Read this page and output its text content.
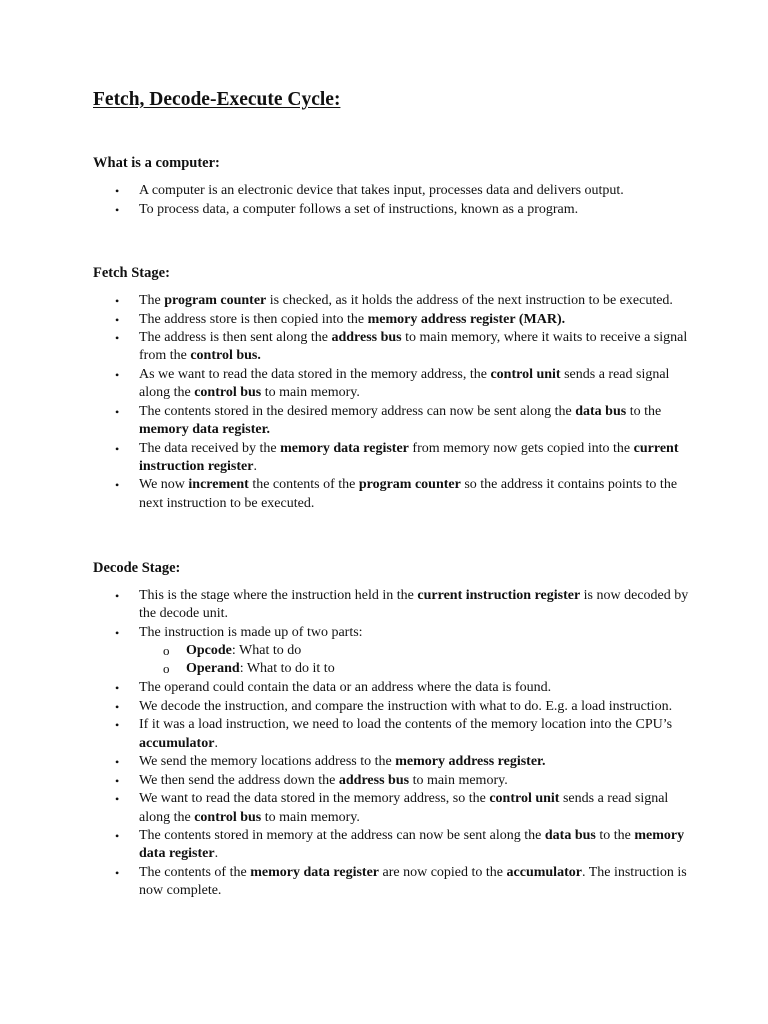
Fetch, Decode-Execute Cycle:

What is a computer:

• A computer is an electronic device that takes input, processes data and delivers output.
• To process data, a computer follows a set of instructions, known as a program.

Fetch Stage:

• The program counter is checked, as it holds the address of the next instruction to be executed.
• The address store is then copied into the memory address register (MAR).
• The address is then sent along the address bus to main memory, where it waits to receive a signal from the control bus.
• As we want to read the data stored in the memory address, the control unit sends a read signal along the control bus to main memory.
• The contents stored in the desired memory address can now be sent along the data bus to the memory data register.
• The data received by the memory data register from memory now gets copied into the current instruction register.
• We now increment the contents of the program counter so the address it contains points to the next instruction to be executed.

Decode Stage:

• This is the stage where the instruction held in the current instruction register is now decoded by the decode unit.
• The instruction is made up of two parts:
o Opcode: What to do
o Operand: What to do it to
• The operand could contain the data or an address where the data is found.
• We decode the instruction, and compare the instruction with what to do. E.g. a load instruction.
• If it was a load instruction, we need to load the contents of the memory location into the CPU’s accumulator.
• We send the memory locations address to the memory address register.
• We then send the address down the address bus to main memory.
• We want to read the data stored in the memory address, so the control unit sends a read signal along the control bus to main memory.
• The contents stored in memory at the address can now be sent along the data bus to the memory data register.
• The contents of the memory data register are now copied to the accumulator. The instruction is now complete.
